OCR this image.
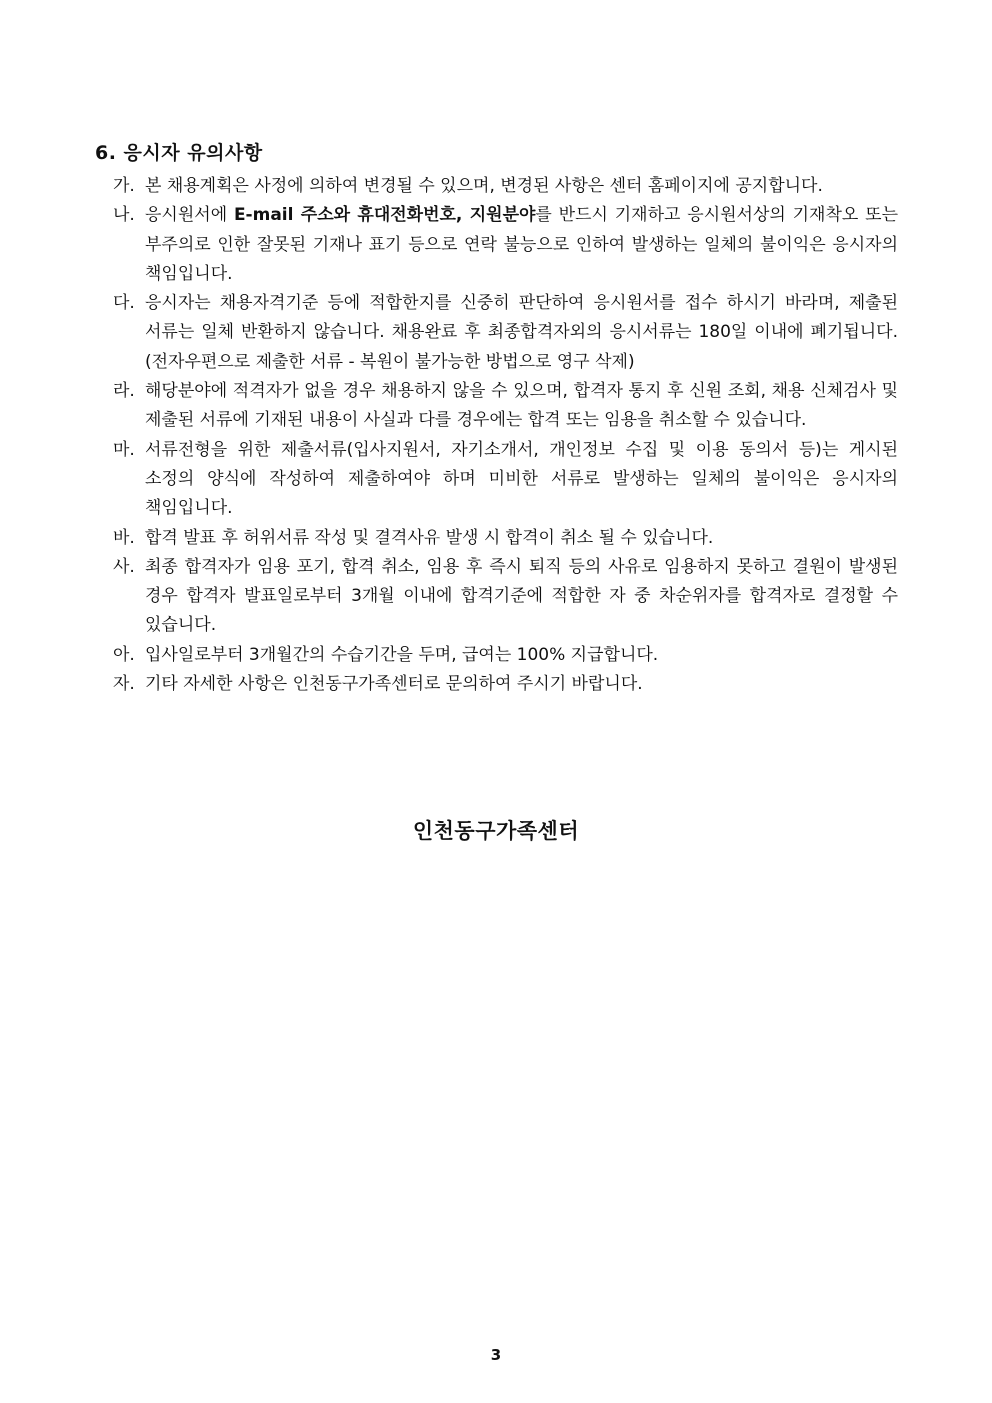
6. 응시자 유의사항
가. 본 채용계획은 사정에 의하여 변경될 수 있으며, 변경된 사항은 센터 홈페이지에 공지합니다.
나. 응시원서에 E-mail 주소와 휴대전화번호, 지원분야를 반드시 기재하고 응시원서상의 기재착오 또는 부주의로 인한 잘못된 기재나 표기 등으로 연락 불능으로 인하여 발생하는 일체의 불이익은 응시자의 책임입니다.
다. 응시자는 채용자격기준 등에 적합한지를 신중히 판단하여 응시원서를 접수 하시기 바라며, 제출된 서류는 일체 반환하지 않습니다. 채용완료 후 최종합격자외의 응시서류는 180일 이내에 폐기됩니다.(전자우편으로 제출한 서류 - 복원이 불가능한 방법으로 영구 삭제)
라. 해당분야에 적격자가 없을 경우 채용하지 않을 수 있으며, 합격자 통지 후 신원 조회, 채용 신체검사 및 제출된 서류에 기재된 내용이 사실과 다를 경우에는 합격 또는 임용을 취소할 수 있습니다.
마. 서류전형을 위한 제출서류(입사지원서, 자기소개서, 개인정보 수집 및 이용 동의서 등)는 게시된 소정의 양식에 작성하여 제출하여야 하며 미비한 서류로 발생하는 일체의 불이익은 응시자의 책임입니다.
바. 합격 발표 후 허위서류 작성 및 결격사유 발생 시 합격이 취소 될 수 있습니다.
사. 최종 합격자가 임용 포기, 합격 취소, 임용 후 즉시 퇴직 등의 사유로 임용하지 못하고 결원이 발생된 경우 합격자 발표일로부터 3개월 이내에 합격기준에 적합한 자 중 차순위자를 합격자로 결정할 수 있습니다.
아. 입사일로부터 3개월간의 수습기간을 두며, 급여는 100% 지급합니다.
자. 기타 자세한 사항은 인천동구가족센터로 문의하여 주시기 바랍니다.
인천동구가족센터
3
